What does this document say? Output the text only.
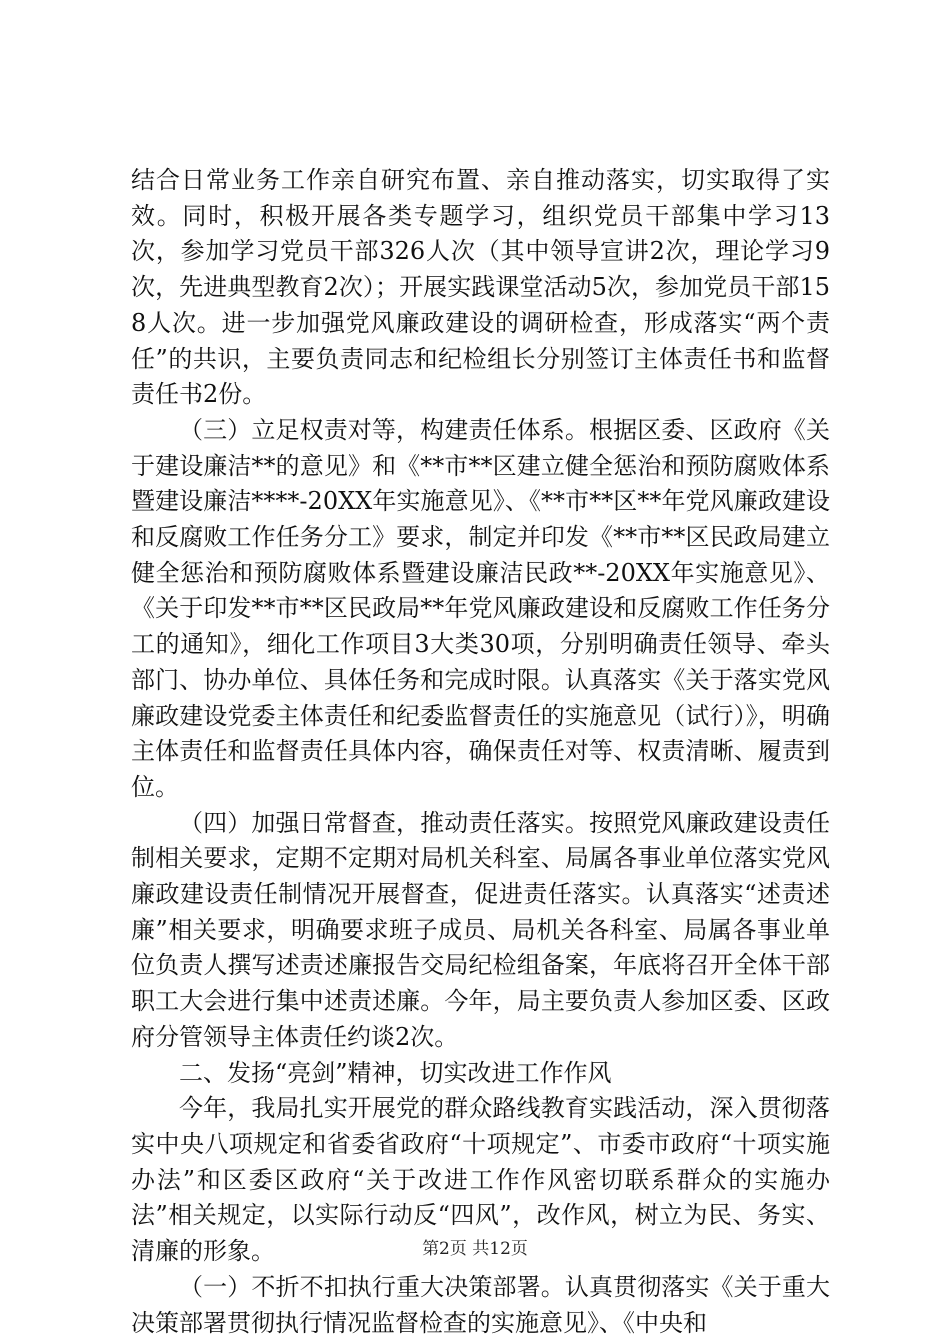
结合日常业务工作亲自研究布置、亲自推动落实，切实取得了实效。同时，积极开展各类专题学习，组织党员干部集中学习13次，参加学习党员干部326人次（其中领导宣讲2次，理论学习9次，先进典型教育2次）；开展实践课堂活动5次，参加党员干部158人次。进一步加强党风廉政建设的调研检查，形成落实“两个责任”的共识，主要负责同志和纪检组长分别签订主体责任书和监督责任书2份。

（三）立足权责对等，构建责任体系。根据区委、区政府《关于建设廉洁**的意见》和《**市**区建立健全惩治和预防腐败体系暨建设廉洁****-20XX年实施意见》、《**市**区**年党风廉政建设和反腐败工作任务分工》要求，制定并印发《**市**区民政局建立健全惩治和预防腐败体系暨建设廉洁民政**-20XX年实施意见》、《关于印发**市**区民政局**年党风廉政建设和反腐败工作任务分工的通知》，细化工作项目3大类30项，分别明确责任领导、牵头部门、协办单位、具体任务和完成时限。认真落实《关于落实党风廉政建设党委主体责任和纪委监督责任的实施意见（试行）》，明确主体责任和监督责任具体内容，确保责任对等、权责清晰、履责到位。

（四）加强日常督查，推动责任落实。按照党风廉政建设责任制相关要求，定期不定期对局机关科室、局属各事业单位落实党风廉政建设责任制情况开展督查，促进责任落实。认真落实“述责述廉”相关要求，明确要求班子成员、局机关各科室、局属各事业单位负责人撰写述责述廉报告交局纪检组备案，年底将召开全体干部职工大会进行集中述责述廉。今年，局主要负责人参加区委、区政府分管领导主体责任约谈2次。

二、发扬“亮剑”精神，切实改进工作作风

今年，我局扎实开展党的群众路线教育实践活动，深入贯彻落实中央八项规定和省委省政府“十项规定”、市委市政府“十项实施办法”和区委区政府“关于改进工作作风密切联系群众的实施办法”相关规定，以实际行动反“四风”，改作风，树立为民、务实、清廉的形象。

（一）不折不扣执行重大决策部署。认真贯彻落实《关于重大决策部署贯彻执行情况监督检查的实施意见》、《中央和

第2页 共12页
